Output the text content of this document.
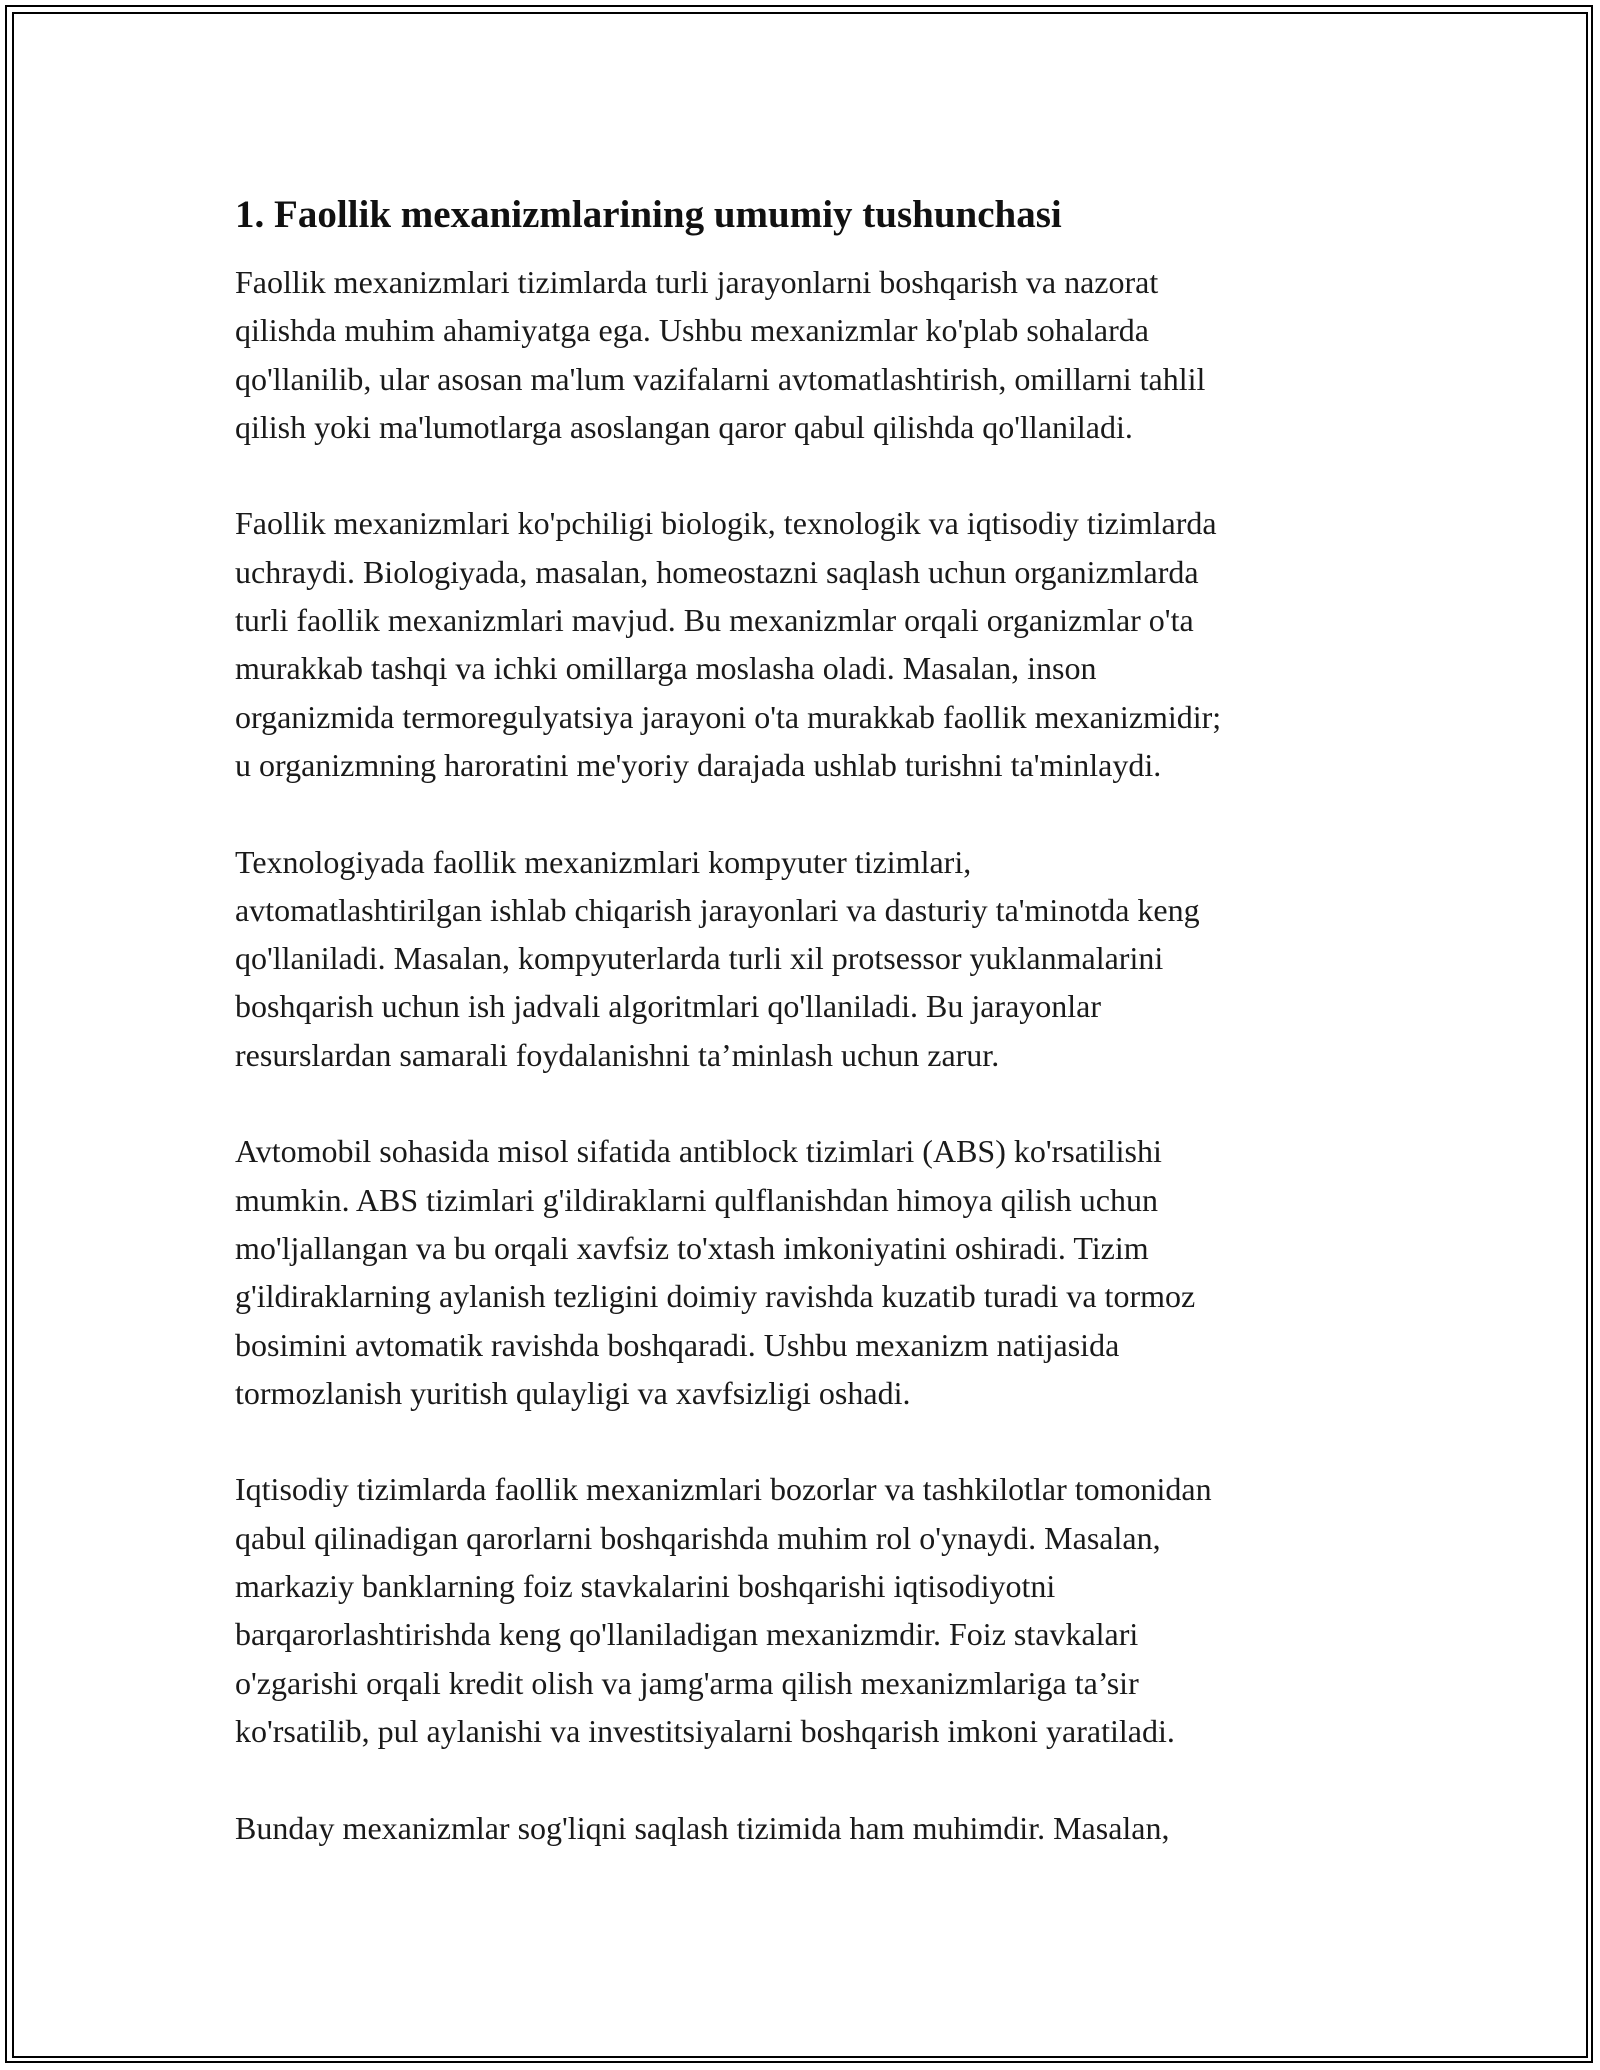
1. Faollik mexanizmlarining umumiy tushunchasi
Faollik mexanizmlari tizimlarda turli jarayonlarni boshqarish va nazorat
qilishda muhim ahamiyatga ega. Ushbu mexanizmlar ko'plab sohalarda
qo'llanilib, ular asosan ma'lum vazifalarni avtomatlashtirish, omillarni tahlil
qilish yoki ma'lumotlarga asoslangan qaror qabul qilishda qo'llaniladi.
Faollik mexanizmlari ko'pchiligi biologik, texnologik va iqtisodiy tizimlarda
uchraydi. Biologiyada, masalan, homeostazni saqlash uchun organizmlarda
turli faollik mexanizmlari mavjud. Bu mexanizmlar orqali organizmlar o'ta
murakkab tashqi va ichki omillarga moslasha oladi. Masalan, inson
organizmida termoregulyatsiya jarayoni o'ta murakkab faollik mexanizmidir;
u organizmning haroratini me'yoriy darajada ushlab turishni ta'minlaydi.
Texnologiyada faollik mexanizmlari kompyuter tizimlari,
avtomatlashtirilgan ishlab chiqarish jarayonlari va dasturiy ta'minotda keng
qo'llaniladi. Masalan, kompyuterlarda turli xil protsessor yuklanmalarini
boshqarish uchun ish jadvali algoritmlari qo'llaniladi. Bu jarayonlar
resurslardan samarali foydalanishni ta’minlash uchun zarur.
Avtomobil sohasida misol sifatida antiblock tizimlari (ABS) ko'rsatilishi
mumkin. ABS tizimlari g'ildiraklarni qulflanishdan himoya qilish uchun
mo'ljallangan va bu orqali xavfsiz to'xtash imkoniyatini oshiradi. Tizim
g'ildiraklarning aylanish tezligini doimiy ravishda kuzatib turadi va tormoz
bosimini avtomatik ravishda boshqaradi. Ushbu mexanizm natijasida
tormozlanish yuritish qulayligi va xavfsizligi oshadi.
Iqtisodiy tizimlarda faollik mexanizmlari bozorlar va tashkilotlar tomonidan
qabul qilinadigan qarorlarni boshqarishda muhim rol o'ynaydi. Masalan,
markaziy banklarning foiz stavkalarini boshqarishi iqtisodiyotni
barqarorlashtirishda keng qo'llaniladigan mexanizmdir. Foiz stavkalari
o'zgarishi orqali kredit olish va jamg'arma qilish mexanizmlariga ta’sir
ko'rsatilib, pul aylanishi va investitsiyalarni boshqarish imkoni yaratiladi.
Bunday mexanizmlar sog'liqni saqlash tizimida ham muhimdir. Masalan,
